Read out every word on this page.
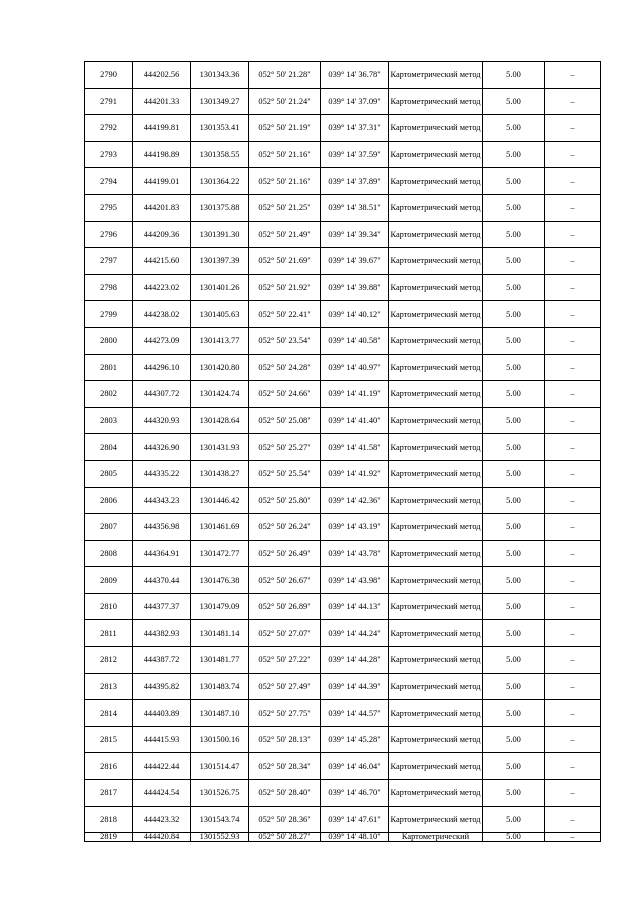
2790	444202.56	1301343.36	052° 50' 21.28"	039° 14' 36.78"	Картометрический метод	5.00	–
2791	444201.33	1301349.27	052° 50' 21.24"	039° 14' 37.09"	Картометрический метод	5.00	–
2792	444199.81	1301353.41	052° 50' 21.19"	039° 14' 37.31"	Картометрический метод	5.00	–
2793	444198.89	1301358.55	052° 50' 21.16"	039° 14' 37.59"	Картометрический метод	5.00	–
2794	444199.01	1301364.22	052° 50' 21.16"	039° 14' 37.89"	Картометрический метод	5.00	–
2795	444201.83	1301375.88	052° 50' 21.25"	039° 14' 38.51"	Картометрический метод	5.00	–
2796	444209.36	1301391.30	052° 50' 21.49"	039° 14' 39.34"	Картометрический метод	5.00	–
2797	444215.60	1301397.39	052° 50' 21.69"	039° 14' 39.67"	Картометрический метод	5.00	–
2798	444223.02	1301401.26	052° 50' 21.92"	039° 14' 39.88"	Картометрический метод	5.00	–
2799	444238.02	1301405.63	052° 50' 22.41"	039° 14' 40.12"	Картометрический метод	5.00	–
2800	444273.09	1301413.77	052° 50' 23.54"	039° 14' 40.58"	Картометрический метод	5.00	–
2801	444296.10	1301420.80	052° 50' 24.28"	039° 14' 40.97"	Картометрический метод	5.00	–
2802	444307.72	1301424.74	052° 50' 24.66"	039° 14' 41.19"	Картометрический метод	5.00	–
2803	444320.93	1301428.64	052° 50' 25.08"	039° 14' 41.40"	Картометрический метод	5.00	–
2804	444326.90	1301431.93	052° 50' 25.27"	039° 14' 41.58"	Картометрический метод	5.00	–
2805	444335.22	1301438.27	052° 50' 25.54"	039° 14' 41.92"	Картометрический метод	5.00	–
2806	444343.23	1301446.42	052° 50' 25.80"	039° 14' 42.36"	Картометрический метод	5.00	–
2807	444356.98	1301461.69	052° 50' 26.24"	039° 14' 43.19"	Картометрический метод	5.00	–
2808	444364.91	1301472.77	052° 50' 26.49"	039° 14' 43.78"	Картометрический метод	5.00	–
2809	444370.44	1301476.38	052° 50' 26.67"	039° 14' 43.98"	Картометрический метод	5.00	–
2810	444377.37	1301479.09	052° 50' 26.89"	039° 14' 44.13"	Картометрический метод	5.00	–
2811	444382.93	1301481.14	052° 50' 27.07"	039° 14' 44.24"	Картометрический метод	5.00	–
2812	444387.72	1301481.77	052° 50' 27.22"	039° 14' 44.28"	Картометрический метод	5.00	–
2813	444395.82	1301483.74	052° 50' 27.49"	039° 14' 44.39"	Картометрический метод	5.00	–
2814	444403.89	1301487.10	052° 50' 27.75"	039° 14' 44.57"	Картометрический метод	5.00	–
2815	444415.93	1301500.16	052° 50' 28.13"	039° 14' 45.28"	Картометрический метод	5.00	–
2816	444422.44	1301514.47	052° 50' 28.34"	039° 14' 46.04"	Картометрический метод	5.00	–
2817	444424.54	1301526.75	052° 50' 28.40"	039° 14' 46.70"	Картометрический метод	5.00	–
2818	444423.32	1301543.74	052° 50' 28.36"	039° 14' 47.61"	Картометрический метод	5.00	–
2819	444420.84	1301552.93	052° 50' 28.27"	039° 14' 48.10"	Картометрический	5.00	–
